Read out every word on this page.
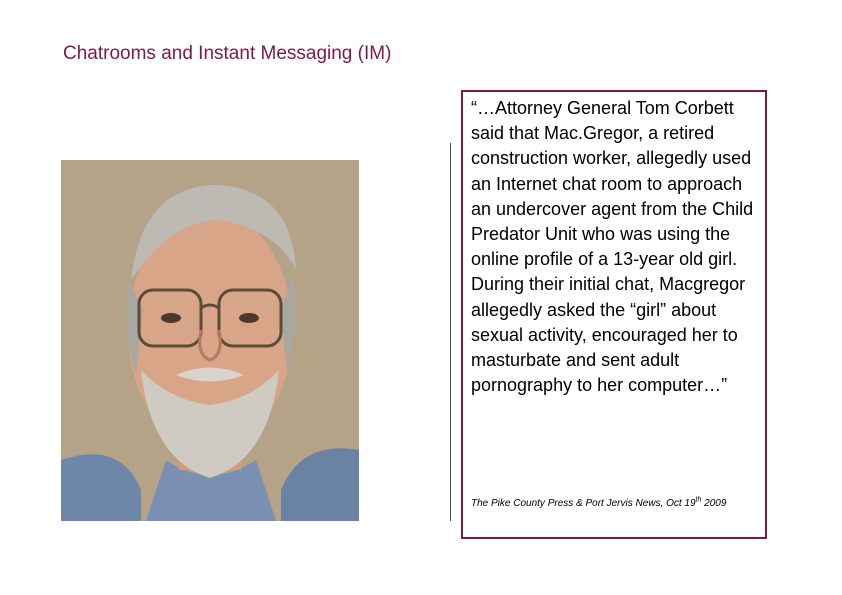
Chatrooms and Instant Messaging (IM)
“…Attorney General Tom Corbett said that Mac.Gregor, a retired construction worker, allegedly used an Internet chat room to approach an undercover agent from the Child Predator Unit who was using the online profile of a 13-year old girl. During their initial chat, Macgregor allegedly asked the “girl” about sexual activity, encouraged her to masturbate and sent adult pornography to her computer…”
The Pike County Press & Port Jervis News, Oct 19th 2009
